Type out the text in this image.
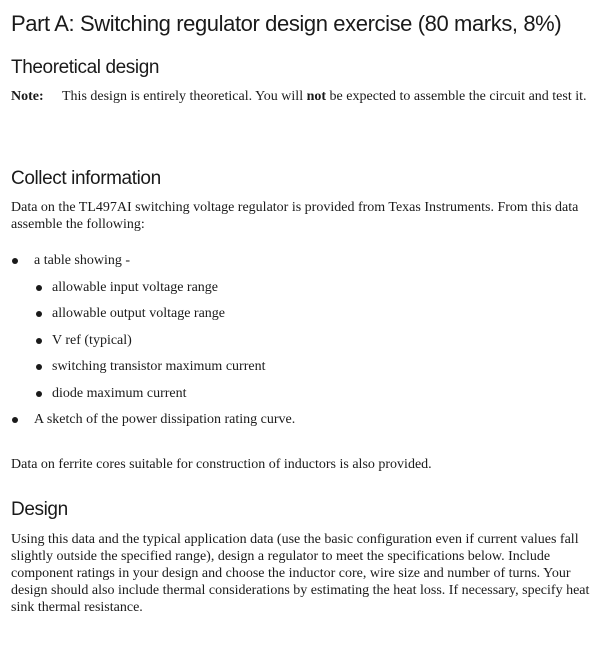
Part A: Switching regulator design exercise (80 marks, 8%)
Theoretical design
Note: This design is entirely theoretical. You will not be expected to assemble the circuit and test it.
Collect information
Data on the TL497AI switching voltage regulator is provided from Texas Instruments. From this data assemble the following:
a table showing -
allowable input voltage range
allowable output voltage range
V ref (typical)
switching transistor maximum current
diode maximum current
A sketch of the power dissipation rating curve.
Data on ferrite cores suitable for construction of inductors is also provided.
Design
Using this data and the typical application data (use the basic configuration even if current values fall slightly outside the specified range), design a regulator to meet the specifications below. Include component ratings in your design and choose the inductor core, wire size and number of turns. Your design should also include thermal considerations by estimating the heat loss. If necessary, specify heat sink thermal resistance.
